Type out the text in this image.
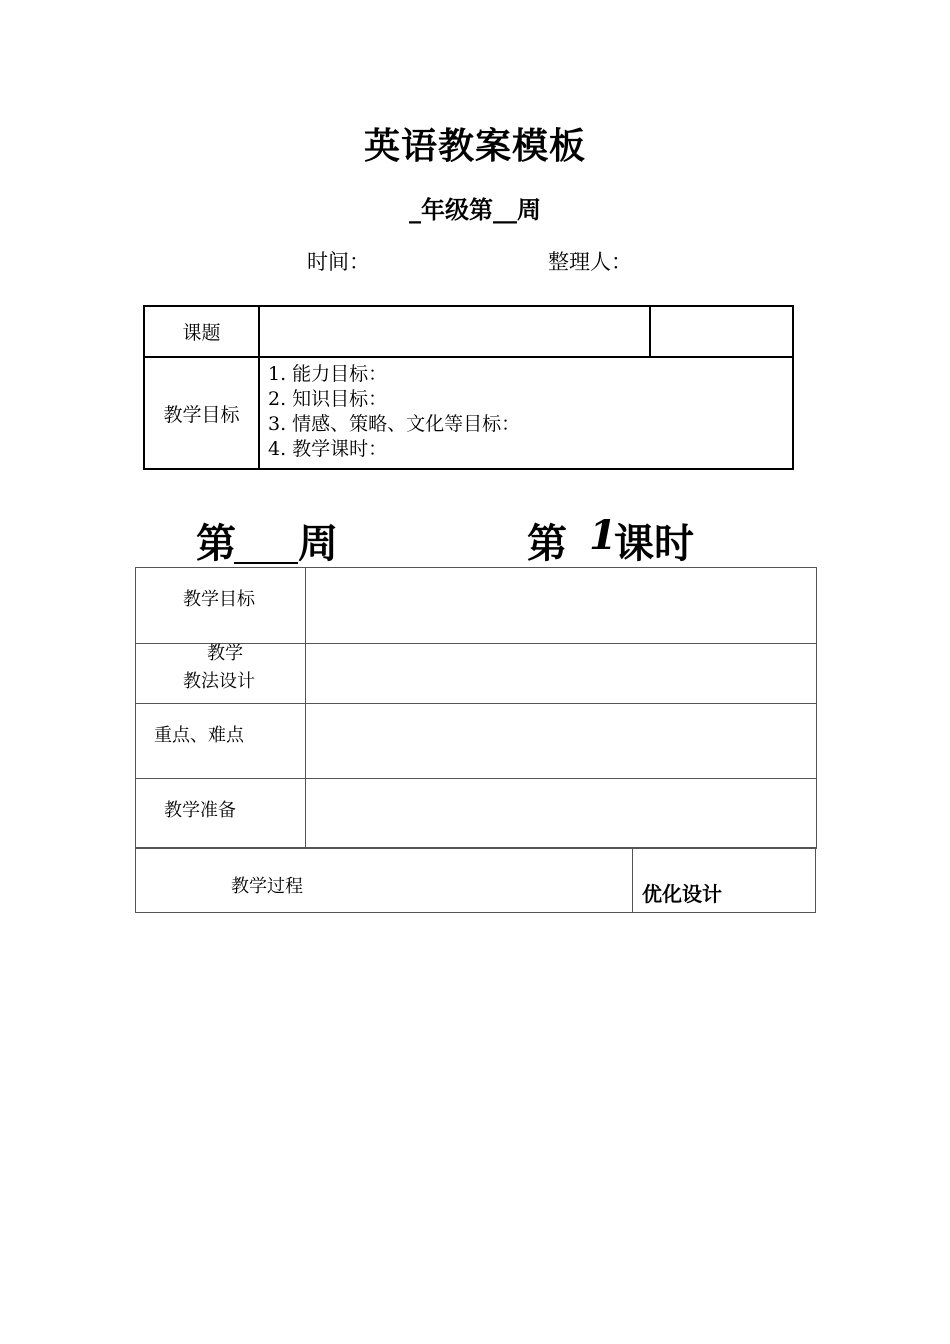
英语教案模板
_年级第__周
时间：	整理人：
课题		
教学目标	1. 能力目标：
2. 知识目标：
3. 情感、策略、文化等目标：
4. 教学课时：	
第 周	第 1
课时
教学目标	

教学
教法设计	

重点、难点	

教学准备	

教学过程	优化设计
